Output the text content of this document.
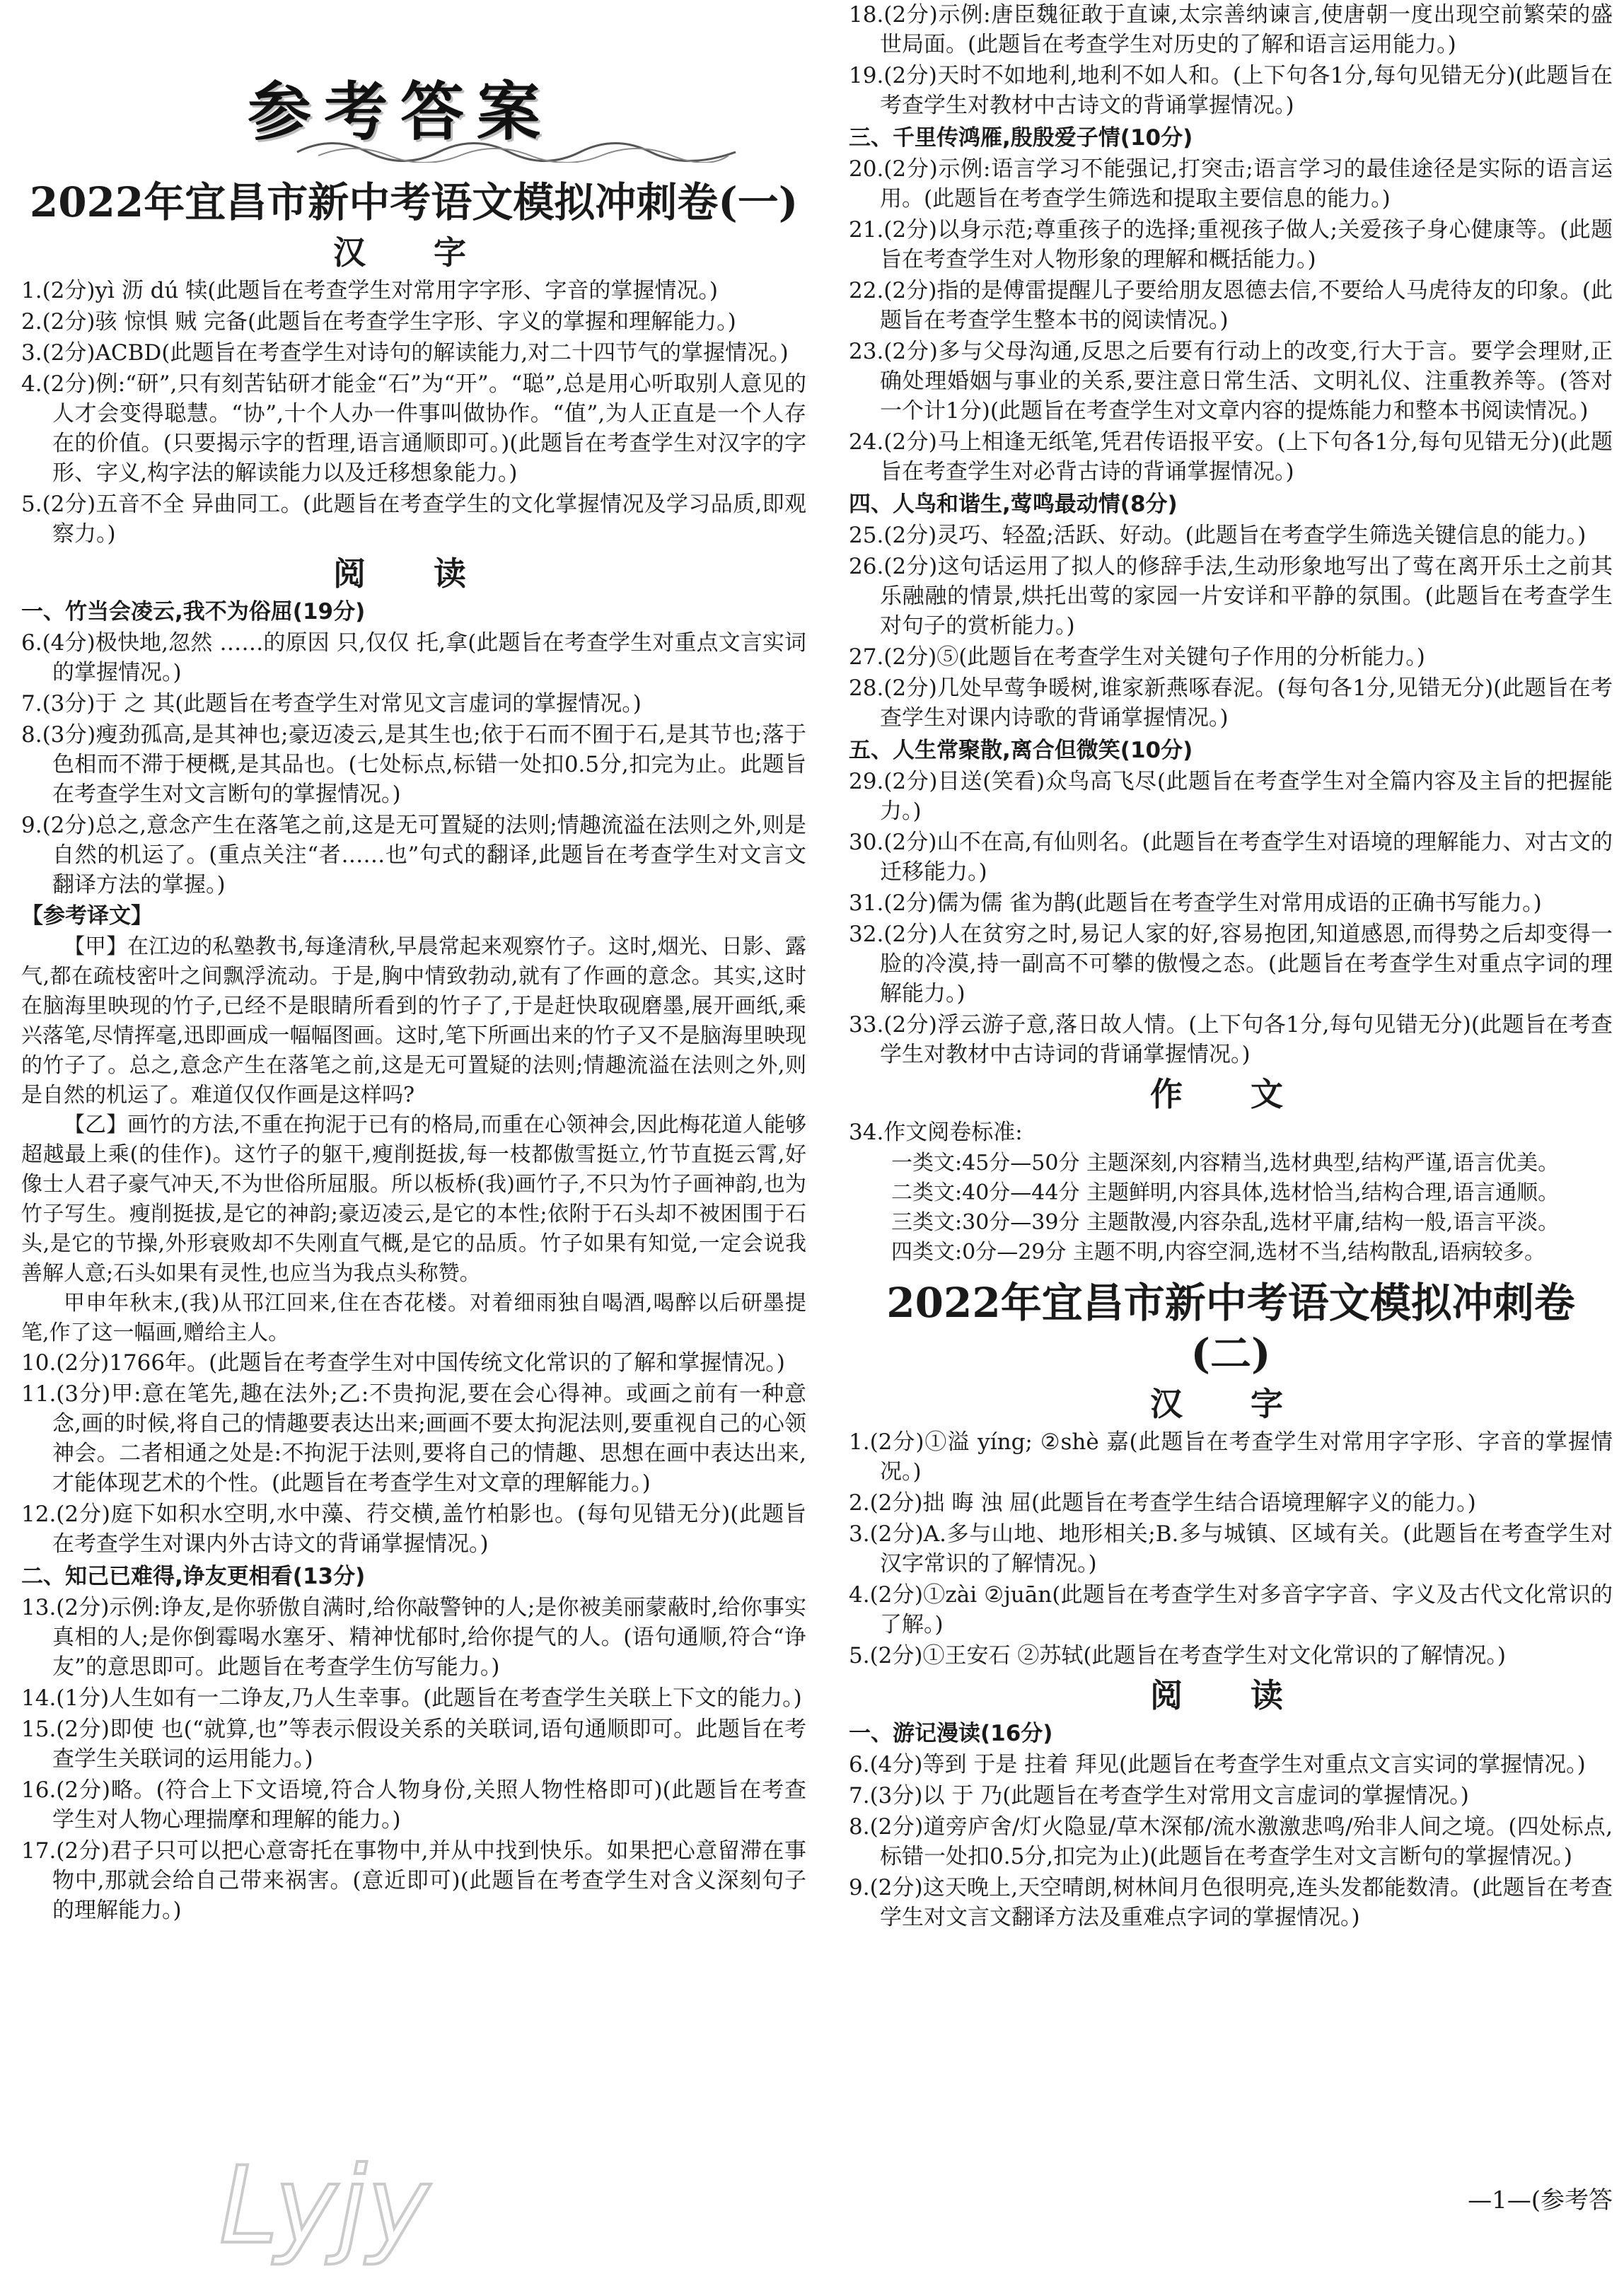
参考答案
2022年宜昌市新中考语文模拟冲刺卷(一)
汉 字

1.(2分)yì 沥 dú 犊(此题旨在考查学生对常用字字形、字音的掌握情况。)

2.(2分)骇 惊惧 贼 完备(此题旨在考查学生字形、字义的掌握和理解能力。)

3.(2分)ACBD(此题旨在考查学生对诗句的解读能力,对二十四节气的掌握情况。)

4.(2分)例:“研”,只有刻苦钻研才能金“石”为“开”。“聪”,总是用心听取别人意见的人才会变得聪慧。“协”,十个人办一件事叫做协作。“值”,为人正直是一个人存在的价值。(只要揭示字的哲理,语言通顺即可。)(此题旨在考查学生对汉字的字形、字义,构字法的解读能力以及迁移想象能力。)

5.(2分)五音不全 异曲同工。(此题旨在考查学生的文化掌握情况及学习品质,即观察力。)

阅 读
一、竹当会凌云,我不为俗屈(19分)

6.(4分)极快地,忽然 ……的原因 只,仅仅 托,拿(此题旨在考查学生对重点文言实词的掌握情况。)

7.(3分)于 之 其(此题旨在考查学生对常见文言虚词的掌握情况。)

8.(3分)瘦劲孤高,是其神也;豪迈凌云,是其生也;依于石而不囿于石,是其节也;落于色相而不滞于梗概,是其品也。(七处标点,标错一处扣0.5分,扣完为止。此题旨在考查学生对文言断句的掌握情况。)

9.(2分)总之,意念产生在落笔之前,这是无可置疑的法则;情趣流溢在法则之外,则是自然的机运了。(重点关注“者……也”句式的翻译,此题旨在考查学生对文言文翻译方法的掌握。)

【参考译文】

【甲】在江边的私塾教书,每逢清秋,早晨常起来观察竹子。这时,烟光、日影、露气,都在疏枝密叶之间飘浮流动。于是,胸中情致勃动,就有了作画的意念。其实,这时在脑海里映现的竹子,已经不是眼睛所看到的竹子了,于是赶快取砚磨墨,展开画纸,乘兴落笔,尽情挥毫,迅即画成一幅幅图画。这时,笔下所画出来的竹子又不是脑海里映现的竹子了。总之,意念产生在落笔之前,这是无可置疑的法则;情趣流溢在法则之外,则是自然的机运了。难道仅仅作画是这样吗?

【乙】画竹的方法,不重在拘泥于已有的格局,而重在心领神会,因此梅花道人能够超越最上乘(的佳作)。这竹子的躯干,瘦削挺拔,每一枝都傲雪挺立,竹节直挺云霄,好像士人君子豪气冲天,不为世俗所屈服。所以板桥(我)画竹子,不只为竹子画神韵,也为竹子写生。瘦削挺拔,是它的神韵;豪迈凌云,是它的本性;依附于石头却不被困围于石头,是它的节操,外形衰败却不失刚直气概,是它的品质。竹子如果有知觉,一定会说我善解人意;石头如果有灵性,也应当为我点头称赞。

甲申年秋末,(我)从邗江回来,住在杏花楼。对着细雨独自喝酒,喝醉以后研墨提笔,作了这一幅画,赠给主人。

10.(2分)1766年。(此题旨在考查学生对中国传统文化常识的了解和掌握情况。)

11.(3分)甲:意在笔先,趣在法外;乙:不贵拘泥,要在会心得神。或画之前有一种意念,画的时候,将自己的情趣要表达出来;画画不要太拘泥法则,要重视自己的心领神会。二者相通之处是:不拘泥于法则,要将自己的情趣、思想在画中表达出来,才能体现艺术的个性。(此题旨在考查学生对文章的理解能力。)

12.(2分)庭下如积水空明,水中藻、荇交横,盖竹柏影也。(每句见错无分)(此题旨在考查学生对课内外古诗文的背诵掌握情况。)

二、知己已难得,诤友更相看(13分)

13.(2分)示例:诤友,是你骄傲自满时,给你敲警钟的人;是你被美丽蒙蔽时,给你事实真相的人;是你倒霉喝水塞牙、精神忧郁时,给你提气的人。(语句通顺,符合“诤友”的意思即可。此题旨在考查学生仿写能力。)

14.(1分)人生如有一二诤友,乃人生幸事。(此题旨在考查学生关联上下文的能力。)

15.(2分)即使 也(“就算,也”等表示假设关系的关联词,语句通顺即可。此题旨在考查学生关联词的运用能力。)

16.(2分)略。(符合上下文语境,符合人物身份,关照人物性格即可)(此题旨在考查学生对人物心理揣摩和理解的能力。)

17.(2分)君子只可以把心意寄托在事物中,并从中找到快乐。如果把心意留滞在事物中,那就会给自己带来祸害。(意近即可)(此题旨在考查学生对含义深刻句子的理解能力。)

Lyjy

18.(2分)示例:唐臣魏征敢于直谏,太宗善纳谏言,使唐朝一度出现空前繁荣的盛世局面。(此题旨在考查学生对历史的了解和语言运用能力。)

19.(2分)天时不如地利,地利不如人和。(上下句各1分,每句见错无分)(此题旨在考查学生对教材中古诗文的背诵掌握情况。)

三、千里传鸿雁,殷殷爱子情(10分)

20.(2分)示例:语言学习不能强记,打突击;语言学习的最佳途径是实际的语言运用。(此题旨在考查学生筛选和提取主要信息的能力。)

21.(2分)以身示范;尊重孩子的选择;重视孩子做人;关爱孩子身心健康等。(此题旨在考查学生对人物形象的理解和概括能力。)

22.(2分)指的是傅雷提醒儿子要给朋友恩德去信,不要给人马虎待友的印象。(此题旨在考查学生整本书的阅读情况。)

23.(2分)多与父母沟通,反思之后要有行动上的改变,行大于言。要学会理财,正确处理婚姻与事业的关系,要注意日常生活、文明礼仪、注重教养等。(答对一个计1分)(此题旨在考查学生对文章内容的提炼能力和整本书阅读情况。)

24.(2分)马上相逢无纸笔,凭君传语报平安。(上下句各1分,每句见错无分)(此题旨在考查学生对必背古诗的背诵掌握情况。)

四、人鸟和谐生,莺鸣最动情(8分)

25.(2分)灵巧、轻盈;活跃、好动。(此题旨在考查学生筛选关键信息的能力。)

26.(2分)这句话运用了拟人的修辞手法,生动形象地写出了莺在离开乐土之前其乐融融的情景,烘托出莺的家园一片安详和平静的氛围。(此题旨在考查学生对句子的赏析能力。)

27.(2分)⑤(此题旨在考查学生对关键句子作用的分析能力。)

28.(2分)几处早莺争暖树,谁家新燕啄春泥。(每句各1分,见错无分)(此题旨在考查学生对课内诗歌的背诵掌握情况。)

五、人生常聚散,离合但微笑(10分)

29.(2分)目送(笑看)众鸟高飞尽(此题旨在考查学生对全篇内容及主旨的把握能力。)

30.(2分)山不在高,有仙则名。(此题旨在考查学生对语境的理解能力、对古文的迁移能力。)

31.(2分)儒为儒 雀为鹊(此题旨在考查学生对常用成语的正确书写能力。)

32.(2分)人在贫穷之时,易记人家的好,容易抱团,知道感恩,而得势之后却变得一脸的冷漠,持一副高不可攀的傲慢之态。(此题旨在考查学生对重点字词的理解能力。)

33.(2分)浮云游子意,落日故人情。(上下句各1分,每句见错无分)(此题旨在考查学生对教材中古诗词的背诵掌握情况。)

作 文

34.作文阅卷标准:

一类文:45分—50分 主题深刻,内容精当,选材典型,结构严谨,语言优美。

二类文:40分—44分 主题鲜明,内容具体,选材恰当,结构合理,语言通顺。

三类文:30分—39分 主题散漫,内容杂乱,选材平庸,结构一般,语言平淡。

四类文:0分—29分 主题不明,内容空洞,选材不当,结构散乱,语病较多。

2022年宜昌市新中考语文模拟冲刺卷(二)
汉 字

1.(2分)①溢 yíng; ②shè 嘉(此题旨在考查学生对常用字字形、字音的掌握情况。)

2.(2分)拙 晦 浊 屈(此题旨在考查学生结合语境理解字义的能力。)

3.(2分)A.多与山地、地形相关;B.多与城镇、区域有关。(此题旨在考查学生对汉字常识的了解情况。)

4.(2分)①zài ②juān(此题旨在考查学生对多音字字音、字义及古代文化常识的了解。)

5.(2分)①王安石 ②苏轼(此题旨在考查学生对文化常识的了解情况。)

阅 读
一、游记漫读(16分)

6.(4分)等到 于是 拄着 拜见(此题旨在考查学生对重点文言实词的掌握情况。)

7.(3分)以 于 乃(此题旨在考查学生对常用文言虚词的掌握情况。)

8.(2分)道旁庐舍/灯火隐显/草木深郁/流水激激悲鸣/殆非人间之境。(四处标点,标错一处扣0.5分,扣完为止)(此题旨在考查学生对文言断句的掌握情况。)

9.(2分)这天晚上,天空晴朗,树林间月色很明亮,连头发都能数清。(此题旨在考查学生对文言文翻译方法及重难点字词的掌握情况。)

—1—(参考答
